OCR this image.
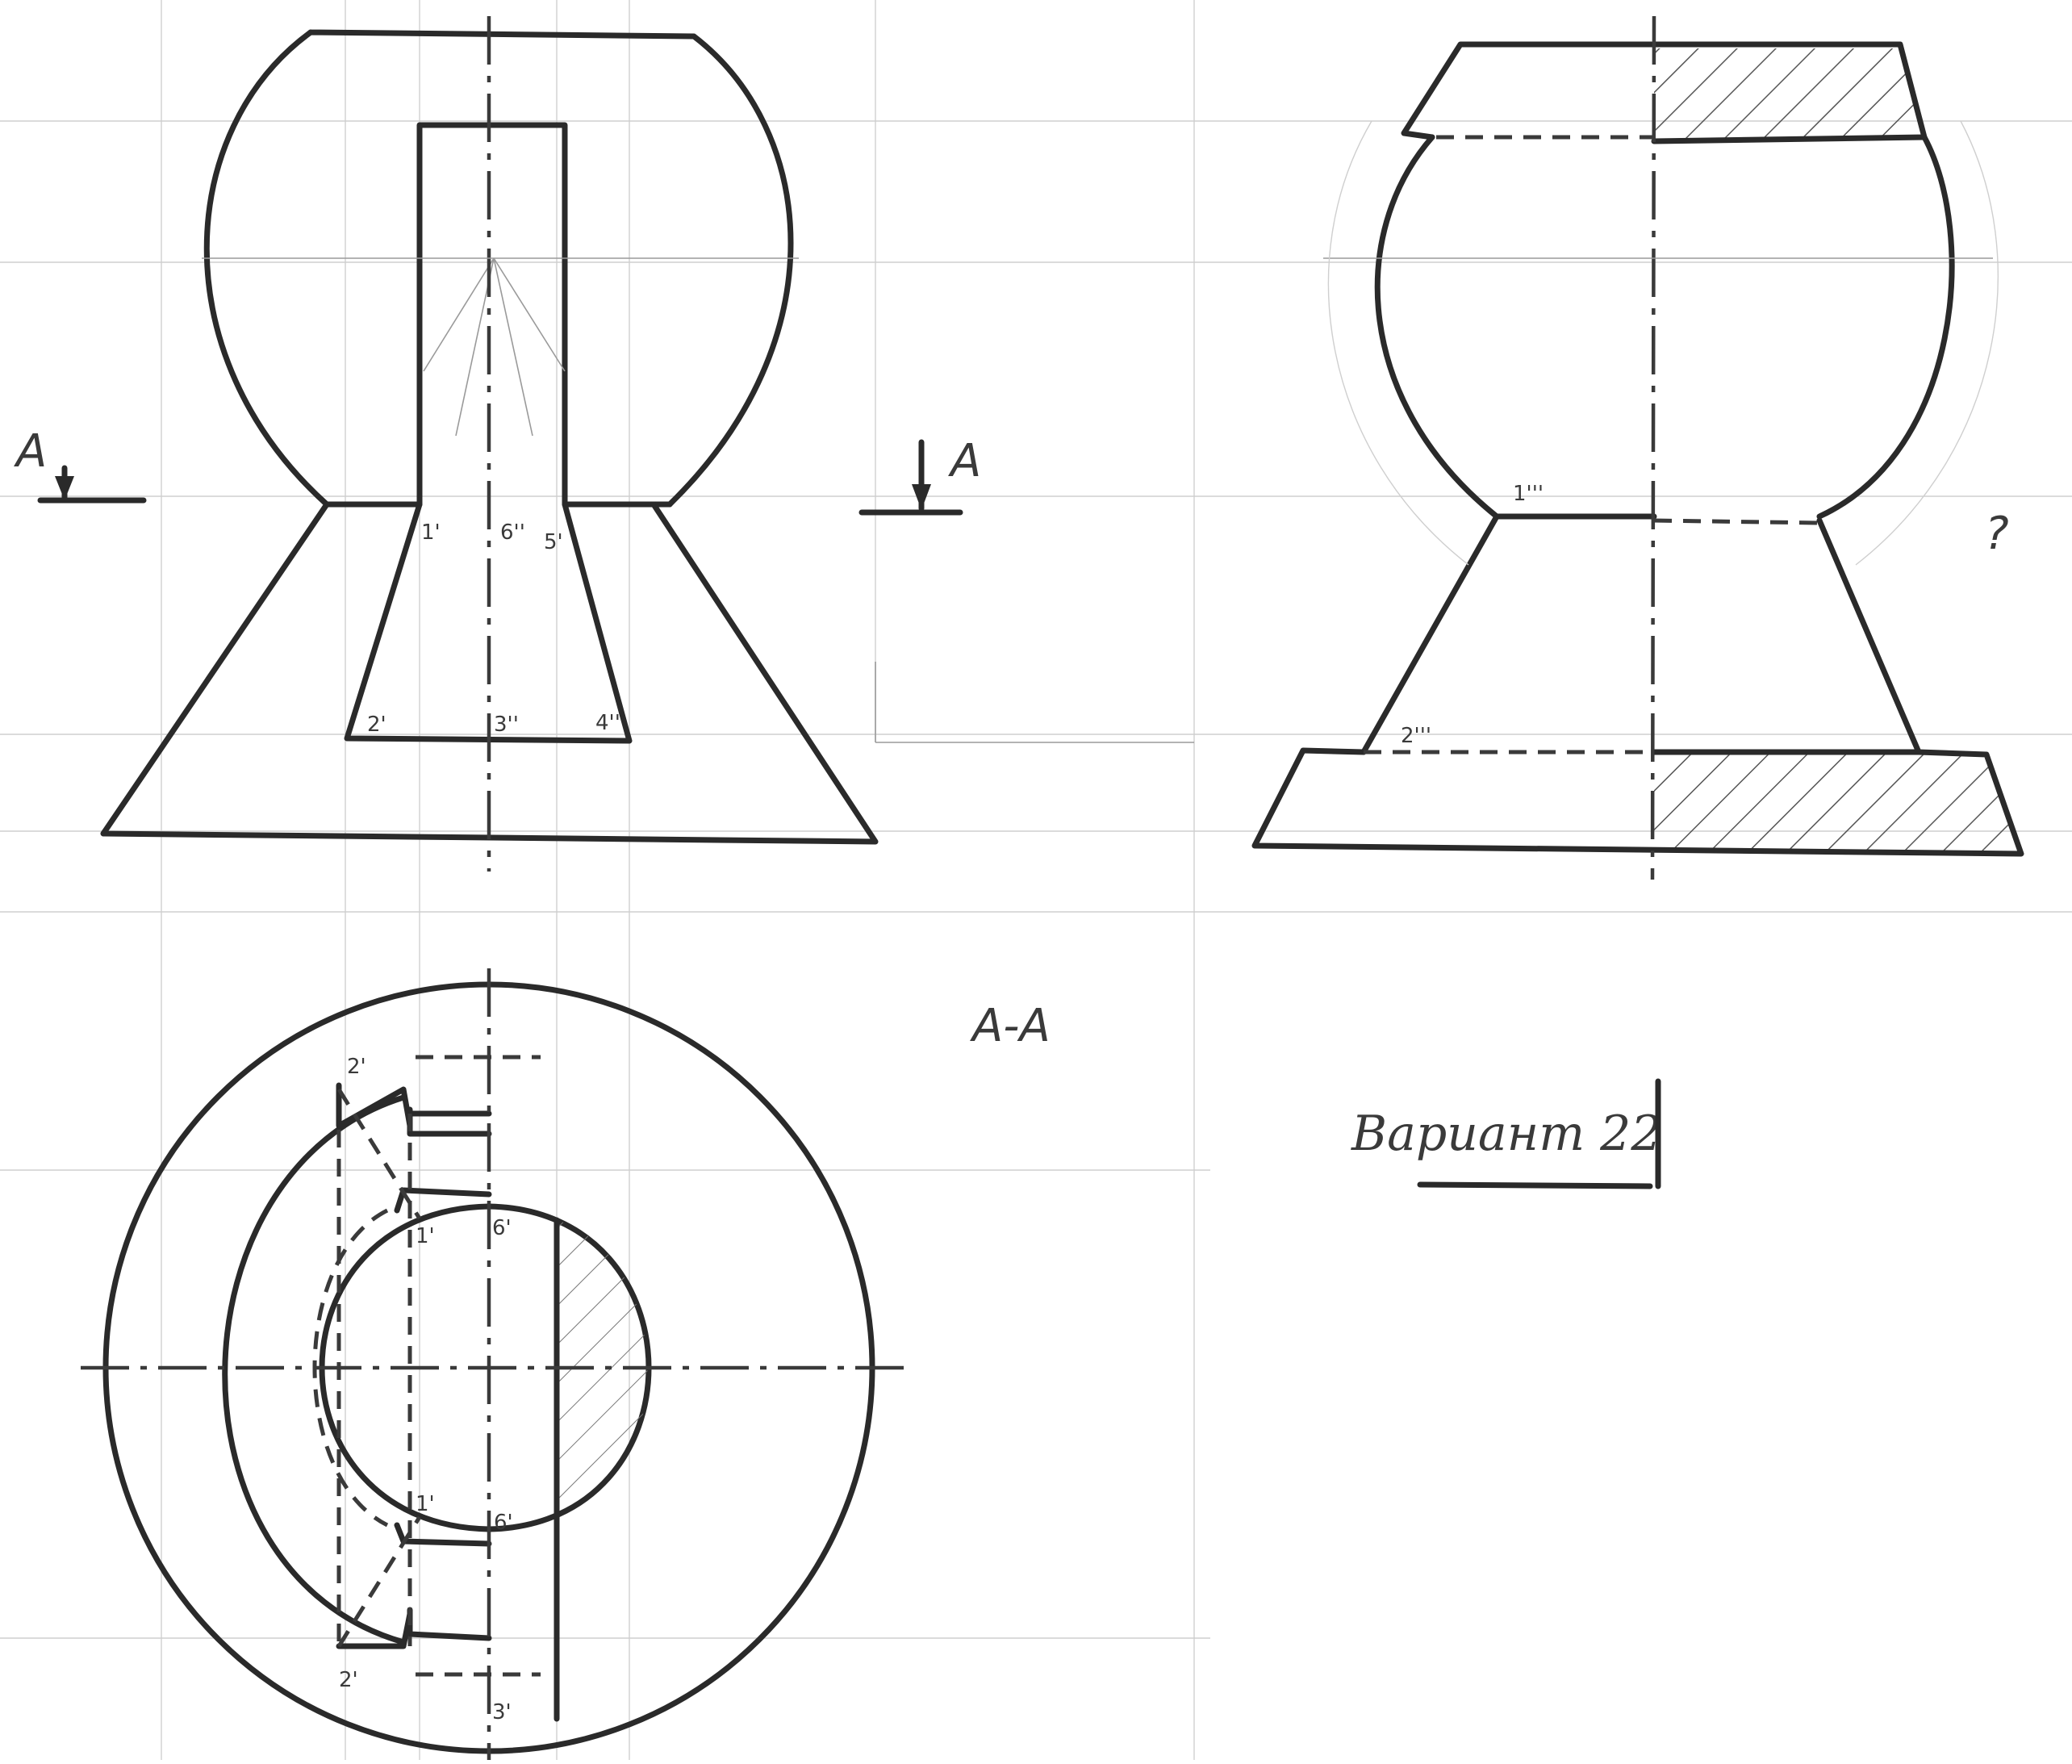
A	A
1'	6'' 5'
2'	3''	4''
1'''
2'''
?
A-A
2'
1'	6'
1'
6'
2'
3'
Вариант 22
